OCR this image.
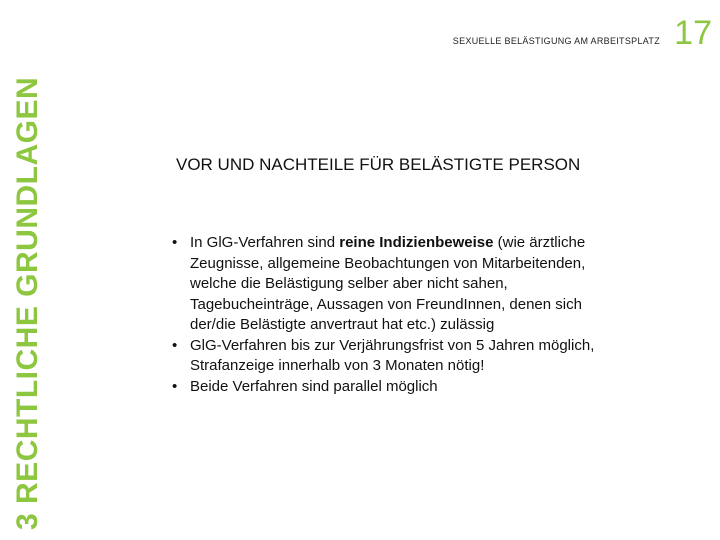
3 RECHTLICHE GRUNDLAGEN
SEXUELLE BELÄSTIGUNG AM ARBEITSPLATZ 17
VOR UND NACHTEILE FÜR BELÄSTIGTE PERSON
• In GlG-Verfahren sind reine Indizienbeweise (wie ärztliche Zeugnisse, allgemeine Beobachtungen von Mitarbeitenden, welche die Belästigung selber aber nicht sahen, Tagebucheinträge, Aussagen von FreundInnen, denen sich der/die Belästigte anvertraut hat etc.) zulässig
• GlG-Verfahren bis zur Verjährungsfrist von 5 Jahren möglich, Strafanzeige innerhalb von 3 Monaten nötig!
• Beide Verfahren sind parallel möglich
